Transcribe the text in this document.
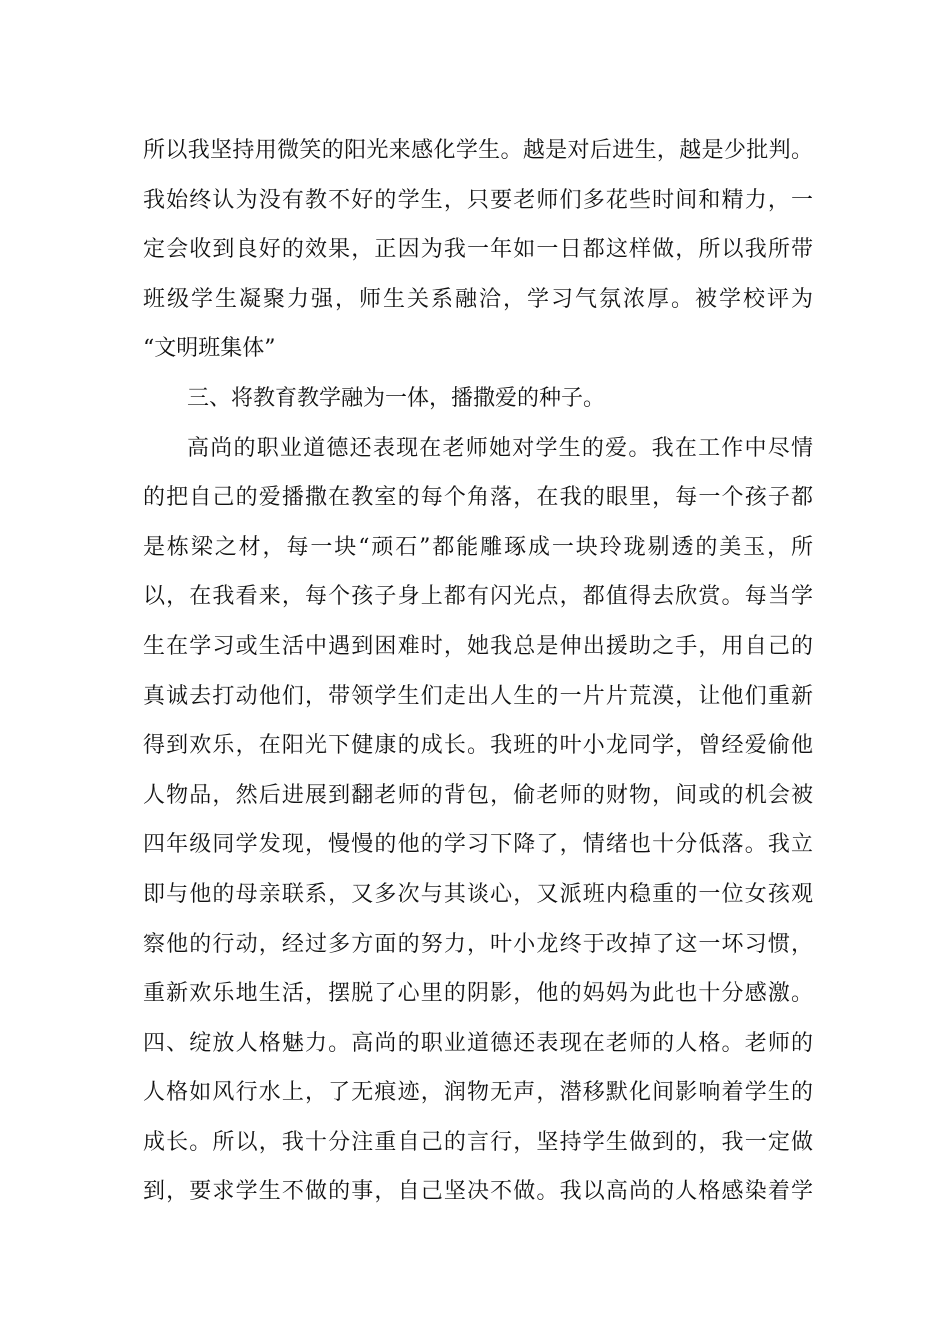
所以我坚持用微笑的阳光来感化学生。越是对后进生，越是少批判。
我始终认为没有教不好的学生，只要老师们多花些时间和精力，一
定会收到良好的效果，正因为我一年如一日都这样做，所以我所带
班级学生凝聚力强，师生关系融洽，学习气氛浓厚。被学校评为
“文明班集体”
三、将教育教学融为一体，播撒爱的种子。
高尚的职业道德还表现在老师她对学生的爱。我在工作中尽情
的把自己的爱播撒在教室的每个角落，在我的眼里，每一个孩子都
是栋梁之材，每一块“顽石”都能雕琢成一块玲珑剔透的美玉，所
以，在我看来，每个孩子身上都有闪光点，都值得去欣赏。每当学
生在学习或生活中遇到困难时，她我总是伸出援助之手，用自己的
真诚去打动他们，带领学生们走出人生的一片片荒漠，让他们重新
得到欢乐，在阳光下健康的成长。我班的叶小龙同学，曾经爱偷他
人物品，然后进展到翻老师的背包，偷老师的财物，间或的机会被
四年级同学发现，慢慢的他的学习下降了，情绪也十分低落。我立
即与他的母亲联系，又多次与其谈心，又派班内稳重的一位女孩观
察他的行动，经过多方面的努力，叶小龙终于改掉了这一坏习惯，
重新欢乐地生活，摆脱了心里的阴影，他的妈妈为此也十分感激。
四、绽放人格魅力。高尚的职业道德还表现在老师的人格。老师的
人格如风行水上，了无痕迹，润物无声，潜移默化间影响着学生的
成长。所以，我十分注重自己的言行，坚持学生做到的，我一定做
到，要求学生不做的事，自己坚决不做。我以高尚的人格感染着学
